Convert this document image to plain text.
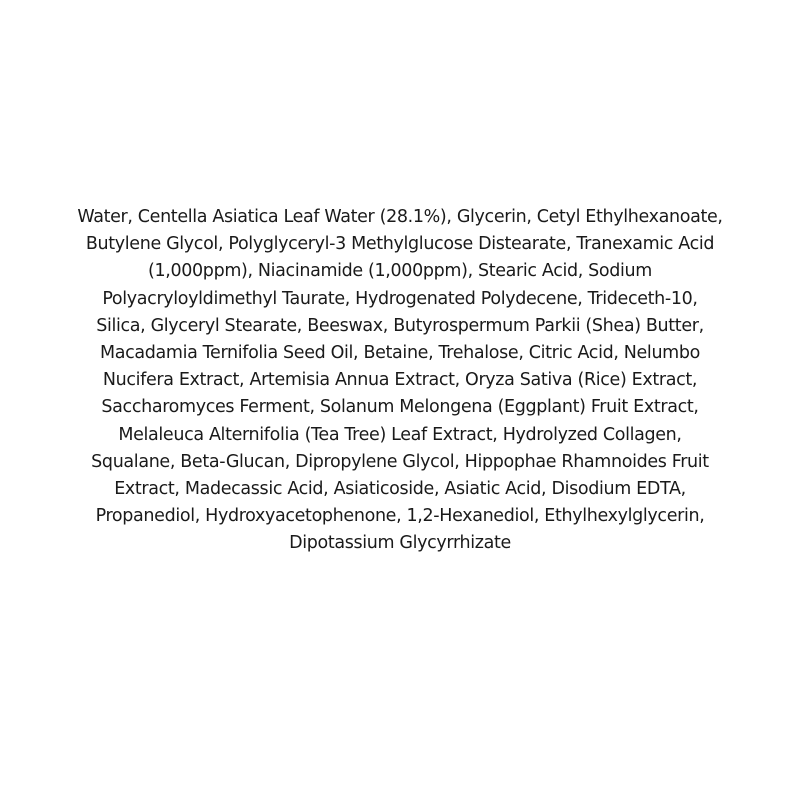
Water, Centella Asiatica Leaf Water (28.1%), Glycerin, Cetyl Ethylhexanoate,
Butylene Glycol, Polyglyceryl-3 Methylglucose Distearate, Tranexamic Acid
(1,000ppm), Niacinamide (1,000ppm), Stearic Acid, Sodium
Polyacryloyldimethyl Taurate, Hydrogenated Polydecene, Trideceth-10,
Silica, Glyceryl Stearate, Beeswax, Butyrospermum Parkii (Shea) Butter,
Macadamia Ternifolia Seed Oil, Betaine, Trehalose, Citric Acid, Nelumbo
Nucifera Extract, Artemisia Annua Extract, Oryza Sativa (Rice) Extract,
Saccharomyces Ferment, Solanum Melongena (Eggplant) Fruit Extract,
Melaleuca Alternifolia (Tea Tree) Leaf Extract, Hydrolyzed Collagen,
Squalane, Beta-Glucan, Dipropylene Glycol, Hippophae Rhamnoides Fruit
Extract, Madecassic Acid, Asiaticoside, Asiatic Acid, Disodium EDTA,
Propanediol, Hydroxyacetophenone, 1,2-Hexanediol, Ethylhexylglycerin,
Dipotassium Glycyrrhizate
